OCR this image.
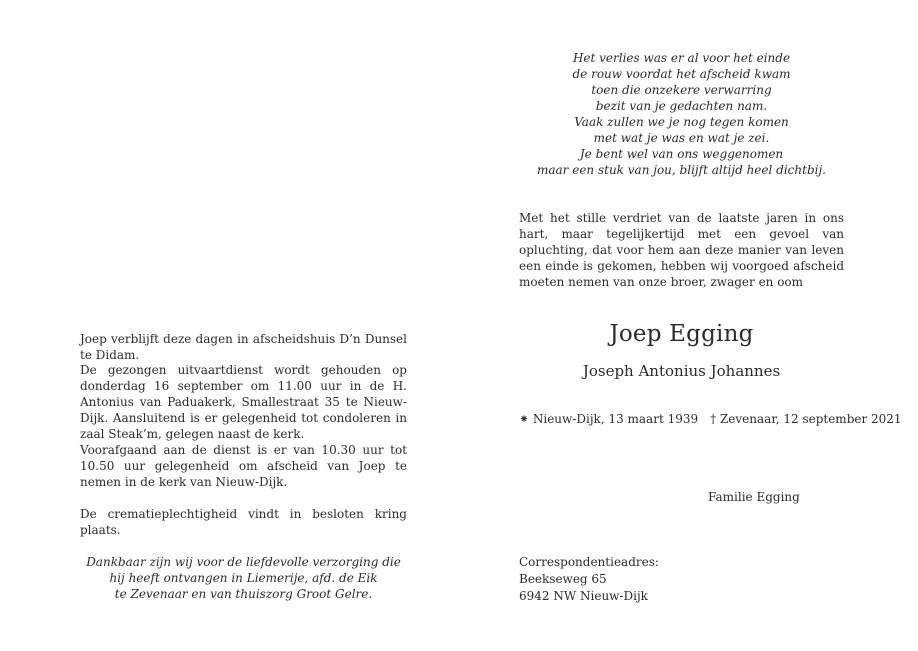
Joep verblijft deze dagen in afscheidshuis D’n Dunsel te Didam.
De gezongen uitvaartdienst wordt gehouden op donderdag 16 september om 11.00 uur in de H. Antonius van Paduakerk, Smallestraat 35 te Nieuw-Dijk. Aansluitend is er gelegenheid tot condoleren in zaal Steak’m, gelegen naast de kerk.
Voorafgaand aan de dienst is er van 10.30 uur tot 10.50 uur gelegenheid om afscheid van Joep te nemen in de kerk van Nieuw-Dijk.
De crematieplechtigheid vindt in besloten kring plaats.
Dankbaar zijn wij voor de liefdevolle verzorging die
hij heeft ontvangen in Liemerije, afd. de Eik
te Zevenaar en van thuiszorg Groot Gelre.
Het verlies was er al voor het einde
de rouw voordat het afscheid kwam
toen die onzekere verwarring
bezit van je gedachten nam.
Vaak zullen we je nog tegen komen
met wat je was en wat je zei.
Je bent wel van ons weggenomen
maar een stuk van jou, blijft altijd heel dichtbij.
Met het stille verdriet van de laatste jaren in ons hart, maar tegelijkertijd met een gevoel van opluchting, dat voor hem aan deze manier van leven een einde is gekomen, hebben wij voorgoed afscheid moeten nemen van onze broer, zwager en oom
Joep Egging
Joseph Antonius Johannes
⁕ Nieuw-Dijk, 13 maart 1939 † Zevenaar, 12 september 2021
Familie Egging
Correspondentieadres:
Beekseweg 65
6942 NW Nieuw-Dijk
